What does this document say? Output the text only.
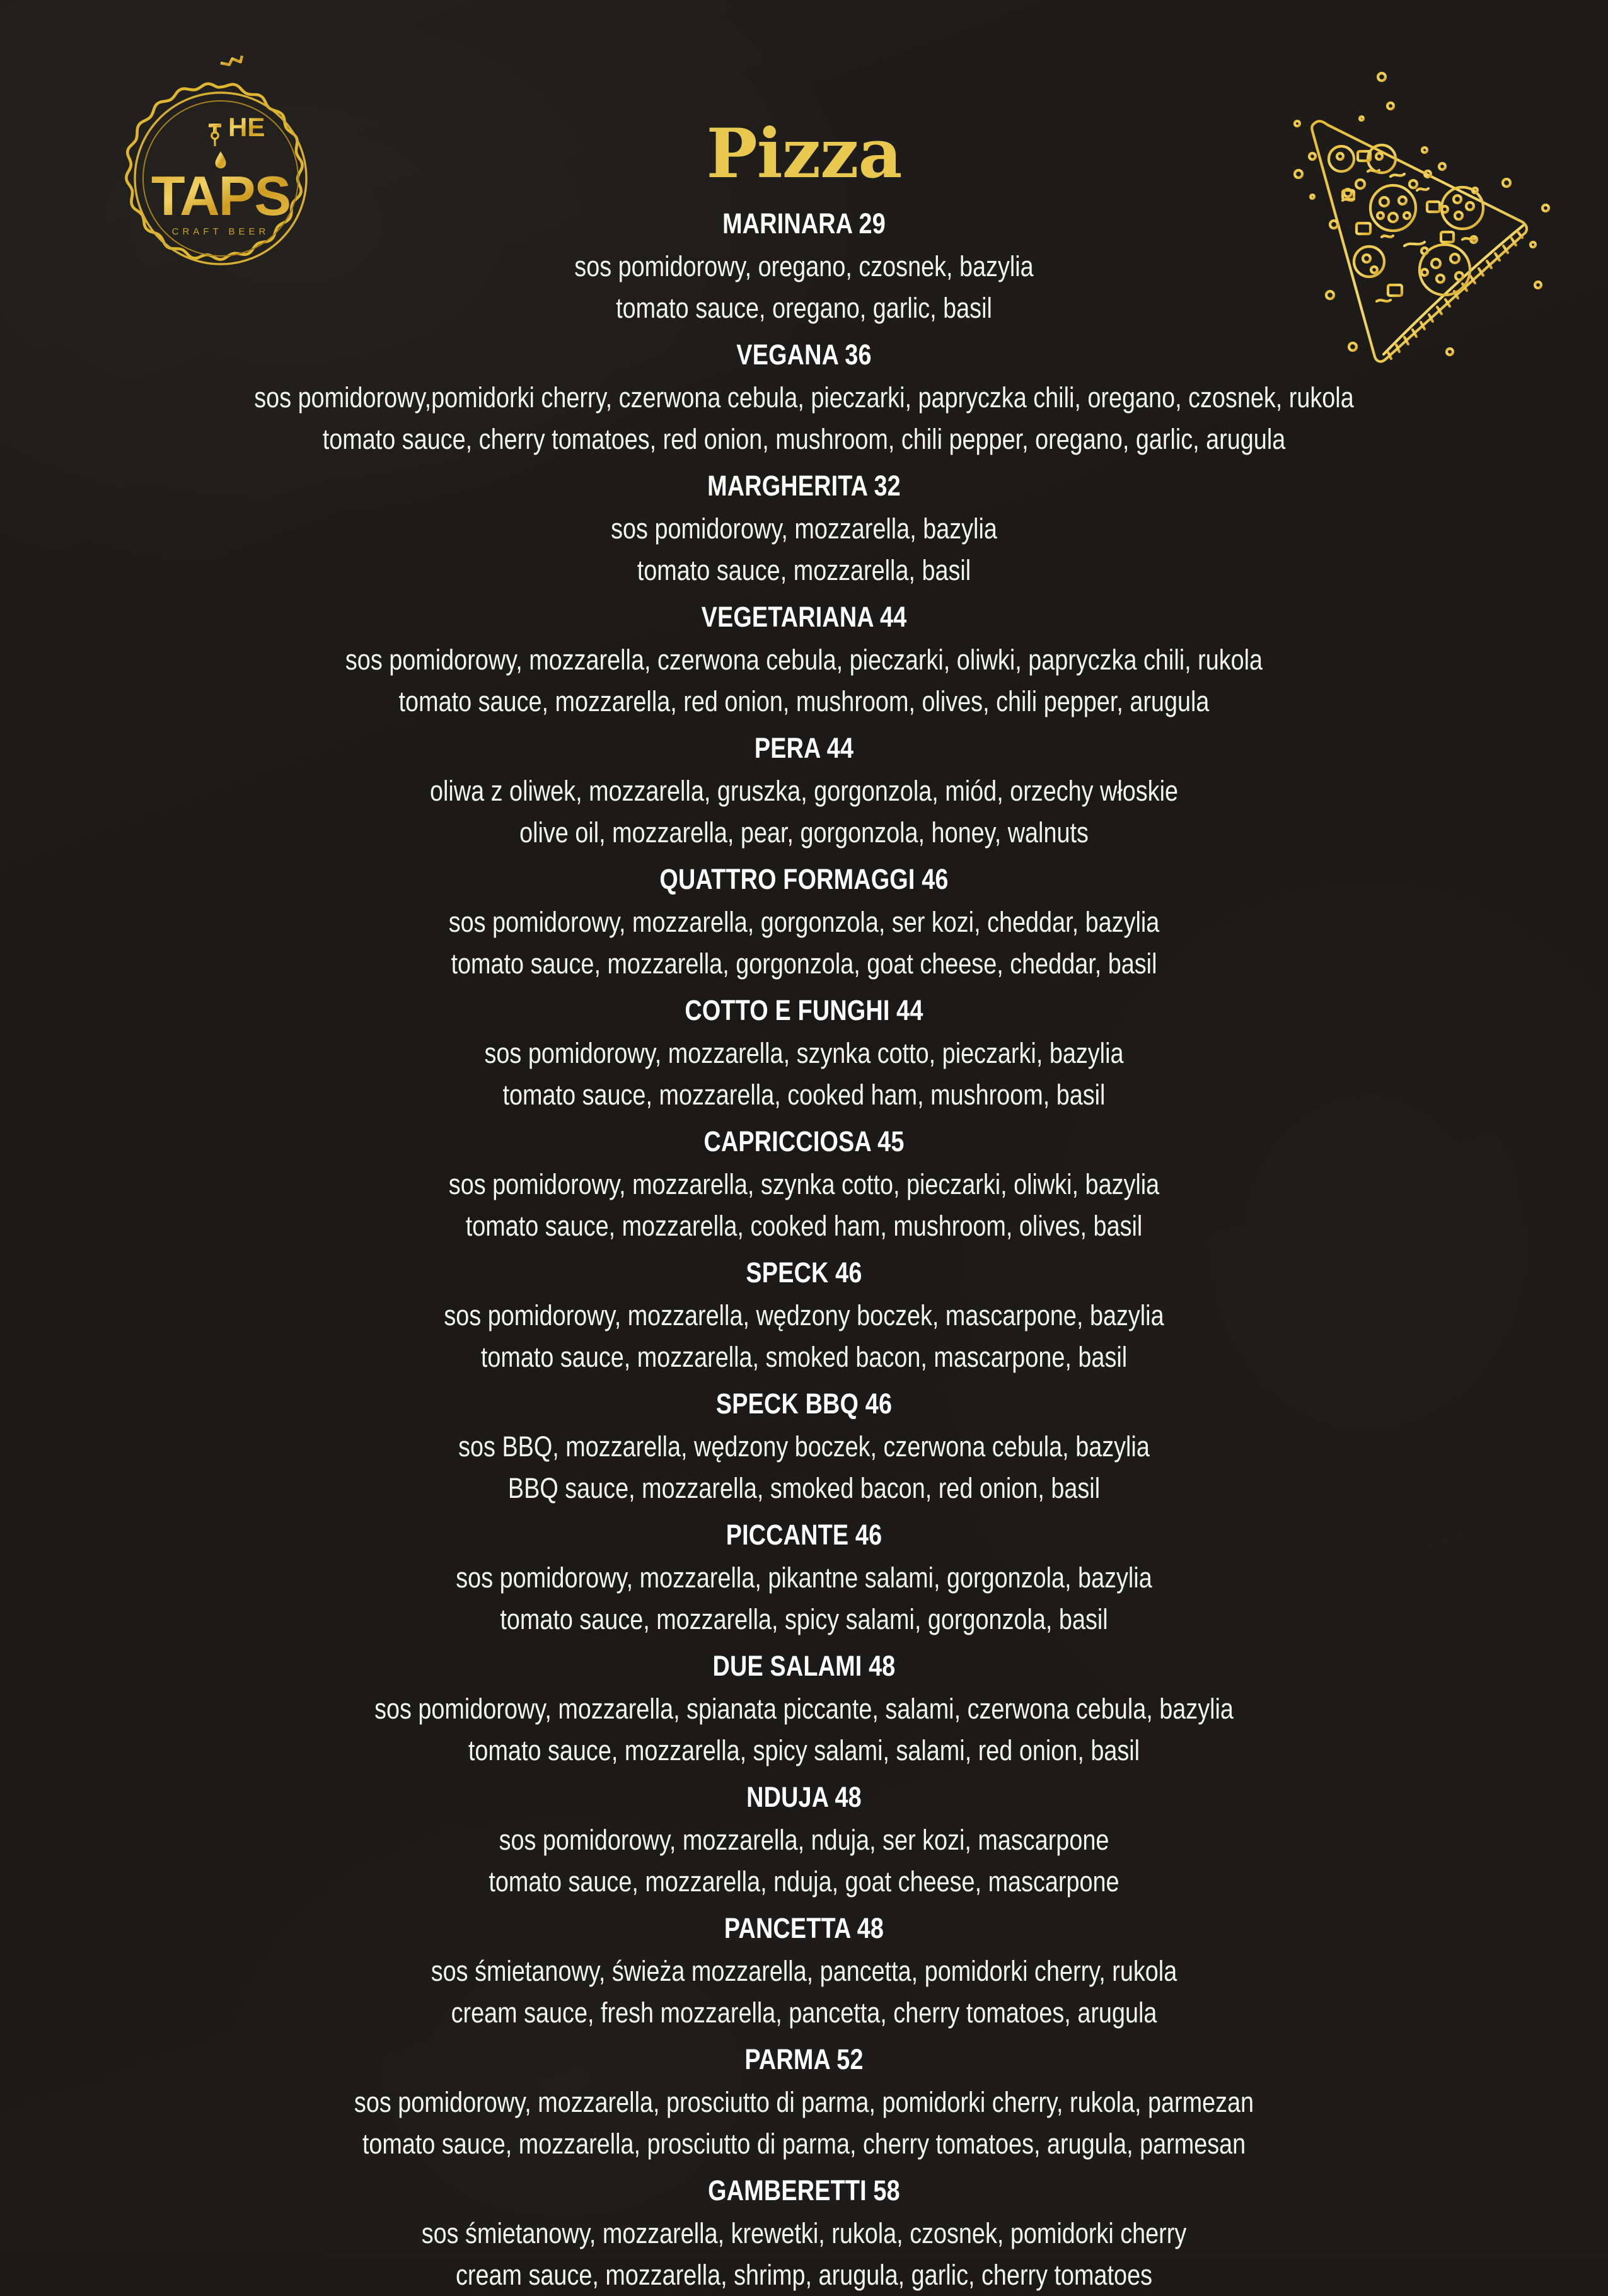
HE
TAPS
CRAFT BEER
Pizza
MARINARA 29
sos pomidorowy, oregano, czosnek, bazylia
tomato sauce, oregano, garlic, basil
VEGANA 36
sos pomidorowy,pomidorki cherry, czerwona cebula, pieczarki, papryczka chili, oregano, czosnek, rukola
tomato sauce, cherry tomatoes, red onion, mushroom, chili pepper, oregano, garlic, arugula
MARGHERITA 32
sos pomidorowy, mozzarella, bazylia
tomato sauce, mozzarella, basil
VEGETARIANA 44
sos pomidorowy, mozzarella, czerwona cebula, pieczarki, oliwki, papryczka chili, rukola
tomato sauce, mozzarella, red onion, mushroom, olives, chili pepper, arugula
PERA 44
oliwa z oliwek, mozzarella, gruszka, gorgonzola, miód, orzechy włoskie
olive oil, mozzarella, pear, gorgonzola, honey, walnuts
QUATTRO FORMAGGI 46
sos pomidorowy, mozzarella, gorgonzola, ser kozi, cheddar, bazylia
tomato sauce, mozzarella, gorgonzola, goat cheese, cheddar, basil
COTTO E FUNGHI 44
sos pomidorowy, mozzarella, szynka cotto, pieczarki, bazylia
tomato sauce, mozzarella, cooked ham, mushroom, basil
CAPRICCIOSA 45
sos pomidorowy, mozzarella, szynka cotto, pieczarki, oliwki, bazylia
tomato sauce, mozzarella, cooked ham, mushroom, olives, basil
SPECK 46
sos pomidorowy, mozzarella, wędzony boczek, mascarpone, bazylia
tomato sauce, mozzarella, smoked bacon, mascarpone, basil
SPECK BBQ 46
sos BBQ, mozzarella, wędzony boczek, czerwona cebula, bazylia
BBQ sauce, mozzarella, smoked bacon, red onion, basil
PICCANTE 46
sos pomidorowy, mozzarella, pikantne salami, gorgonzola, bazylia
tomato sauce, mozzarella, spicy salami, gorgonzola, basil
DUE SALAMI 48
sos pomidorowy, mozzarella, spianata piccante, salami, czerwona cebula, bazylia
tomato sauce, mozzarella, spicy salami, salami, red onion, basil
NDUJA 48
sos pomidorowy, mozzarella, nduja, ser kozi, mascarpone
tomato sauce, mozzarella, nduja, goat cheese, mascarpone
PANCETTA 48
sos śmietanowy, świeża mozzarella, pancetta, pomidorki cherry, rukola
cream sauce, fresh mozzarella, pancetta, cherry tomatoes, arugula
PARMA 52
sos pomidorowy, mozzarella, prosciutto di parma, pomidorki cherry, rukola, parmezan
tomato sauce, mozzarella, prosciutto di parma, cherry tomatoes, arugula, parmesan
GAMBERETTI 58
sos śmietanowy, mozzarella, krewetki, rukola, czosnek, pomidorki cherry
cream sauce, mozzarella, shrimp, arugula, garlic, cherry tomatoes
